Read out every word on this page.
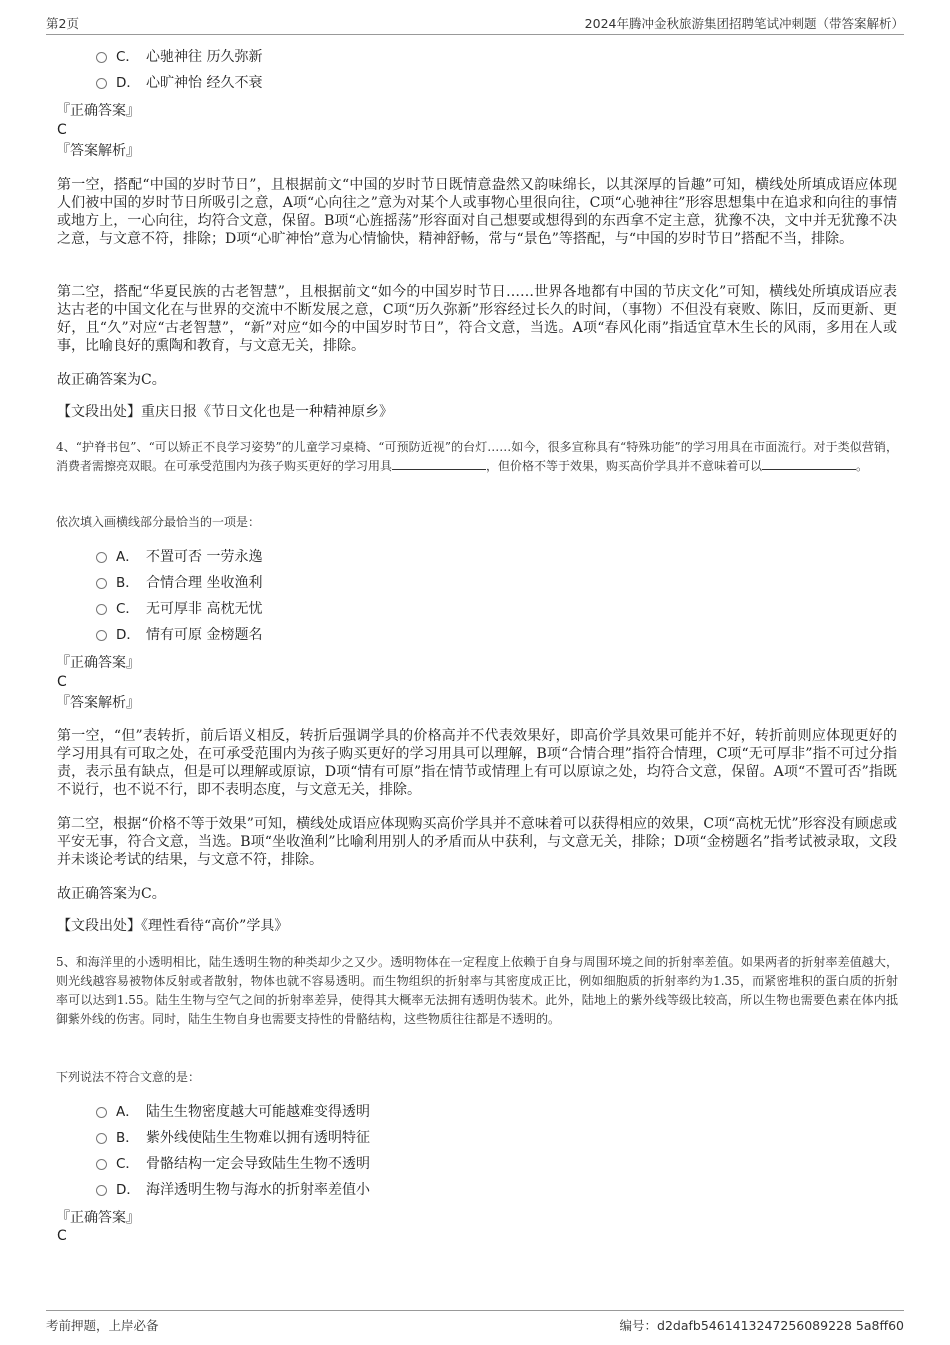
第2页	2024年腾冲金秋旅游集团招聘笔试冲刺题（带答案解析）
C． 心驰神往 历久弥新
D． 心旷神怡 经久不衰
『正确答案』
C
『答案解析』
第一空，搭配“中国的岁时节日”，且根据前文“中国的岁时节日既情意盎然又韵味绵长，以其深厚的旨趣”可知，横线处所填成语应体现人们被中国的岁时节日所吸引之意，A项“心向往之”意为对某个人或事物心里很向往，C项“心驰神往”形容思想集中在追求和向往的事情或地方上，一心向往，均符合文意，保留。B项“心旌摇荡”形容面对自己想要或想得到的东西拿不定主意，犹豫不决，文中并无犹豫不决之意，与文意不符，排除；D项“心旷神怡”意为心情愉快，精神舒畅，常与“景色”等搭配，与“中国的岁时节日”搭配不当，排除。
第二空，搭配“华夏民族的古老智慧”，且根据前文“如今的中国岁时节日……世界各地都有中国的节庆文化”可知，横线处所填成语应表达古老的中国文化在与世界的交流中不断发展之意，C项“历久弥新”形容经过长久的时间，（事物）不但没有衰败、陈旧，反而更新、更好，且“久”对应“古老智慧”，“新”对应“如今的中国岁时节日”，符合文意，当选。A项“春风化雨”指适宜草木生长的风雨，多用在人或事，比喻良好的熏陶和教育，与文意无关，排除。
故正确答案为C。
【文段出处】重庆日报《节日文化也是一种精神原乡》
4、“护脊书包”、“可以矫正不良学习姿势”的儿童学习桌椅、“可预防近视”的台灯……如今，很多宣称具有“特殊功能”的学习用具在市面流行。对于类似营销，消费者需擦亮双眼。在可承受范围内为孩子购买更好的学习用具	，但价格不等于效果，购买高价学具并不意味着可以	。
依次填入画横线部分最恰当的一项是：
A． 不置可否 一劳永逸
B． 合情合理 坐收渔利
C． 无可厚非 高枕无忧
D． 情有可原 金榜题名
『正确答案』
C
『答案解析』
第一空，“但”表转折，前后语义相反，转折后强调学具的价格高并不代表效果好，即高价学具效果可能并不好，转折前则应体现更好的学习用具有可取之处，在可承受范围内为孩子购买更好的学习用具可以理解，B项“合情合理”指符合情理，C项“无可厚非”指不可过分指责，表示虽有缺点，但是可以理解或原谅，D项“情有可原”指在情节或情理上有可以原谅之处，均符合文意，保留。A项“不置可否”指既不说行，也不说不行，即不表明态度，与文意无关，排除。
第二空，根据“价格不等于效果”可知，横线处成语应体现购买高价学具并不意味着可以获得相应的效果，C项“高枕无忧”形容没有顾虑或平安无事，符合文意，当选。B项“坐收渔利”比喻利用别人的矛盾而从中获利，与文意无关，排除；D项“金榜题名”指考试被录取，文段并未谈论考试的结果，与文意不符，排除。
故正确答案为C。
【文段出处】《理性看待“高价”学具》
5、和海洋里的小透明相比，陆生透明生物的种类却少之又少。透明物体在一定程度上依赖于自身与周围环境之间的折射率差值。如果两者的折射率差值越大，则光线越容易被物体反射或者散射，物体也就不容易透明。而生物组织的折射率与其密度成正比，例如细胞质的折射率约为1.35，而紧密堆积的蛋白质的折射率可以达到1.55。陆生生物与空气之间的折射率差异，使得其大概率无法拥有透明伪装术。此外，陆地上的紫外线等级比较高，所以生物也需要色素在体内抵御紫外线的伤害。同时，陆生生物自身也需要支持性的骨骼结构，这些物质往往都是不透明的。
下列说法不符合文意的是：
A． 陆生生物密度越大可能越难变得透明
B． 紫外线使陆生生物难以拥有透明特征
C． 骨骼结构一定会导致陆生生物不透明
D． 海洋透明生物与海水的折射率差值小
『正确答案』
C
考前押题，上岸必备	编号：d2dafb5461413247256089228 5a8ff60
